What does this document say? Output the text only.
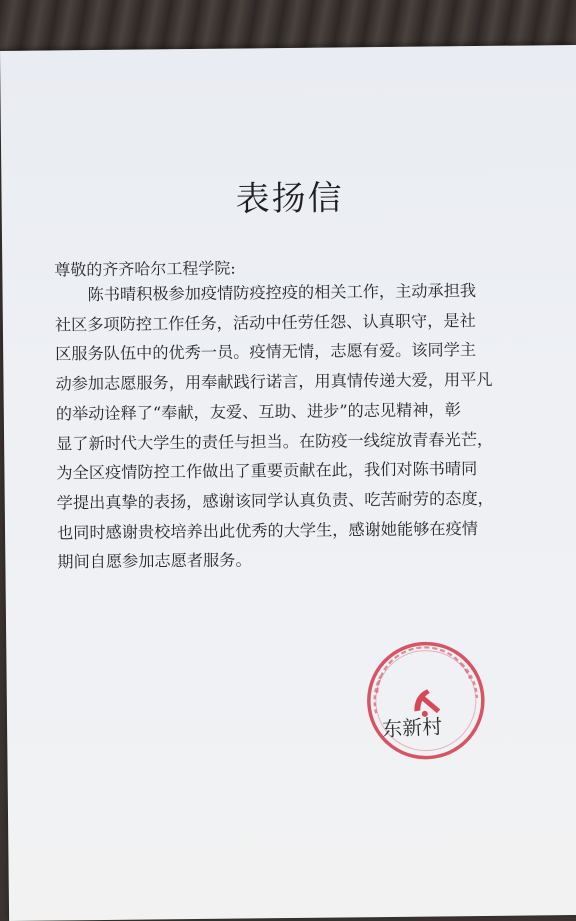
表扬信
尊敬的齐齐哈尔工程学院:
陈书晴积极参加疫情防疫控疫的相关工作，主动承担我
社区多项防控工作任务，活动中任劳任怨、认真职守，是社
区服务队伍中的优秀一员。疫情无情，志愿有爱。该同学主
动参加志愿服务，用奉献践行诺言，用真情传递大爱，用平凡
的举动诠释了“奉献，友爱、互助、进步”的志见精神，彰
显了新时代大学生的责任与担当。在防疫一线绽放青春光芒，
为全区疫情防控工作做出了重要贡献在此，我们对陈书晴同
学提出真挚的表扬，感谢该同学认真负责、吃苦耐劳的态度，
也同时感谢贵校培养出此优秀的大学生，感谢她能够在疫情
期间自愿参加志愿者服务。
东新村
